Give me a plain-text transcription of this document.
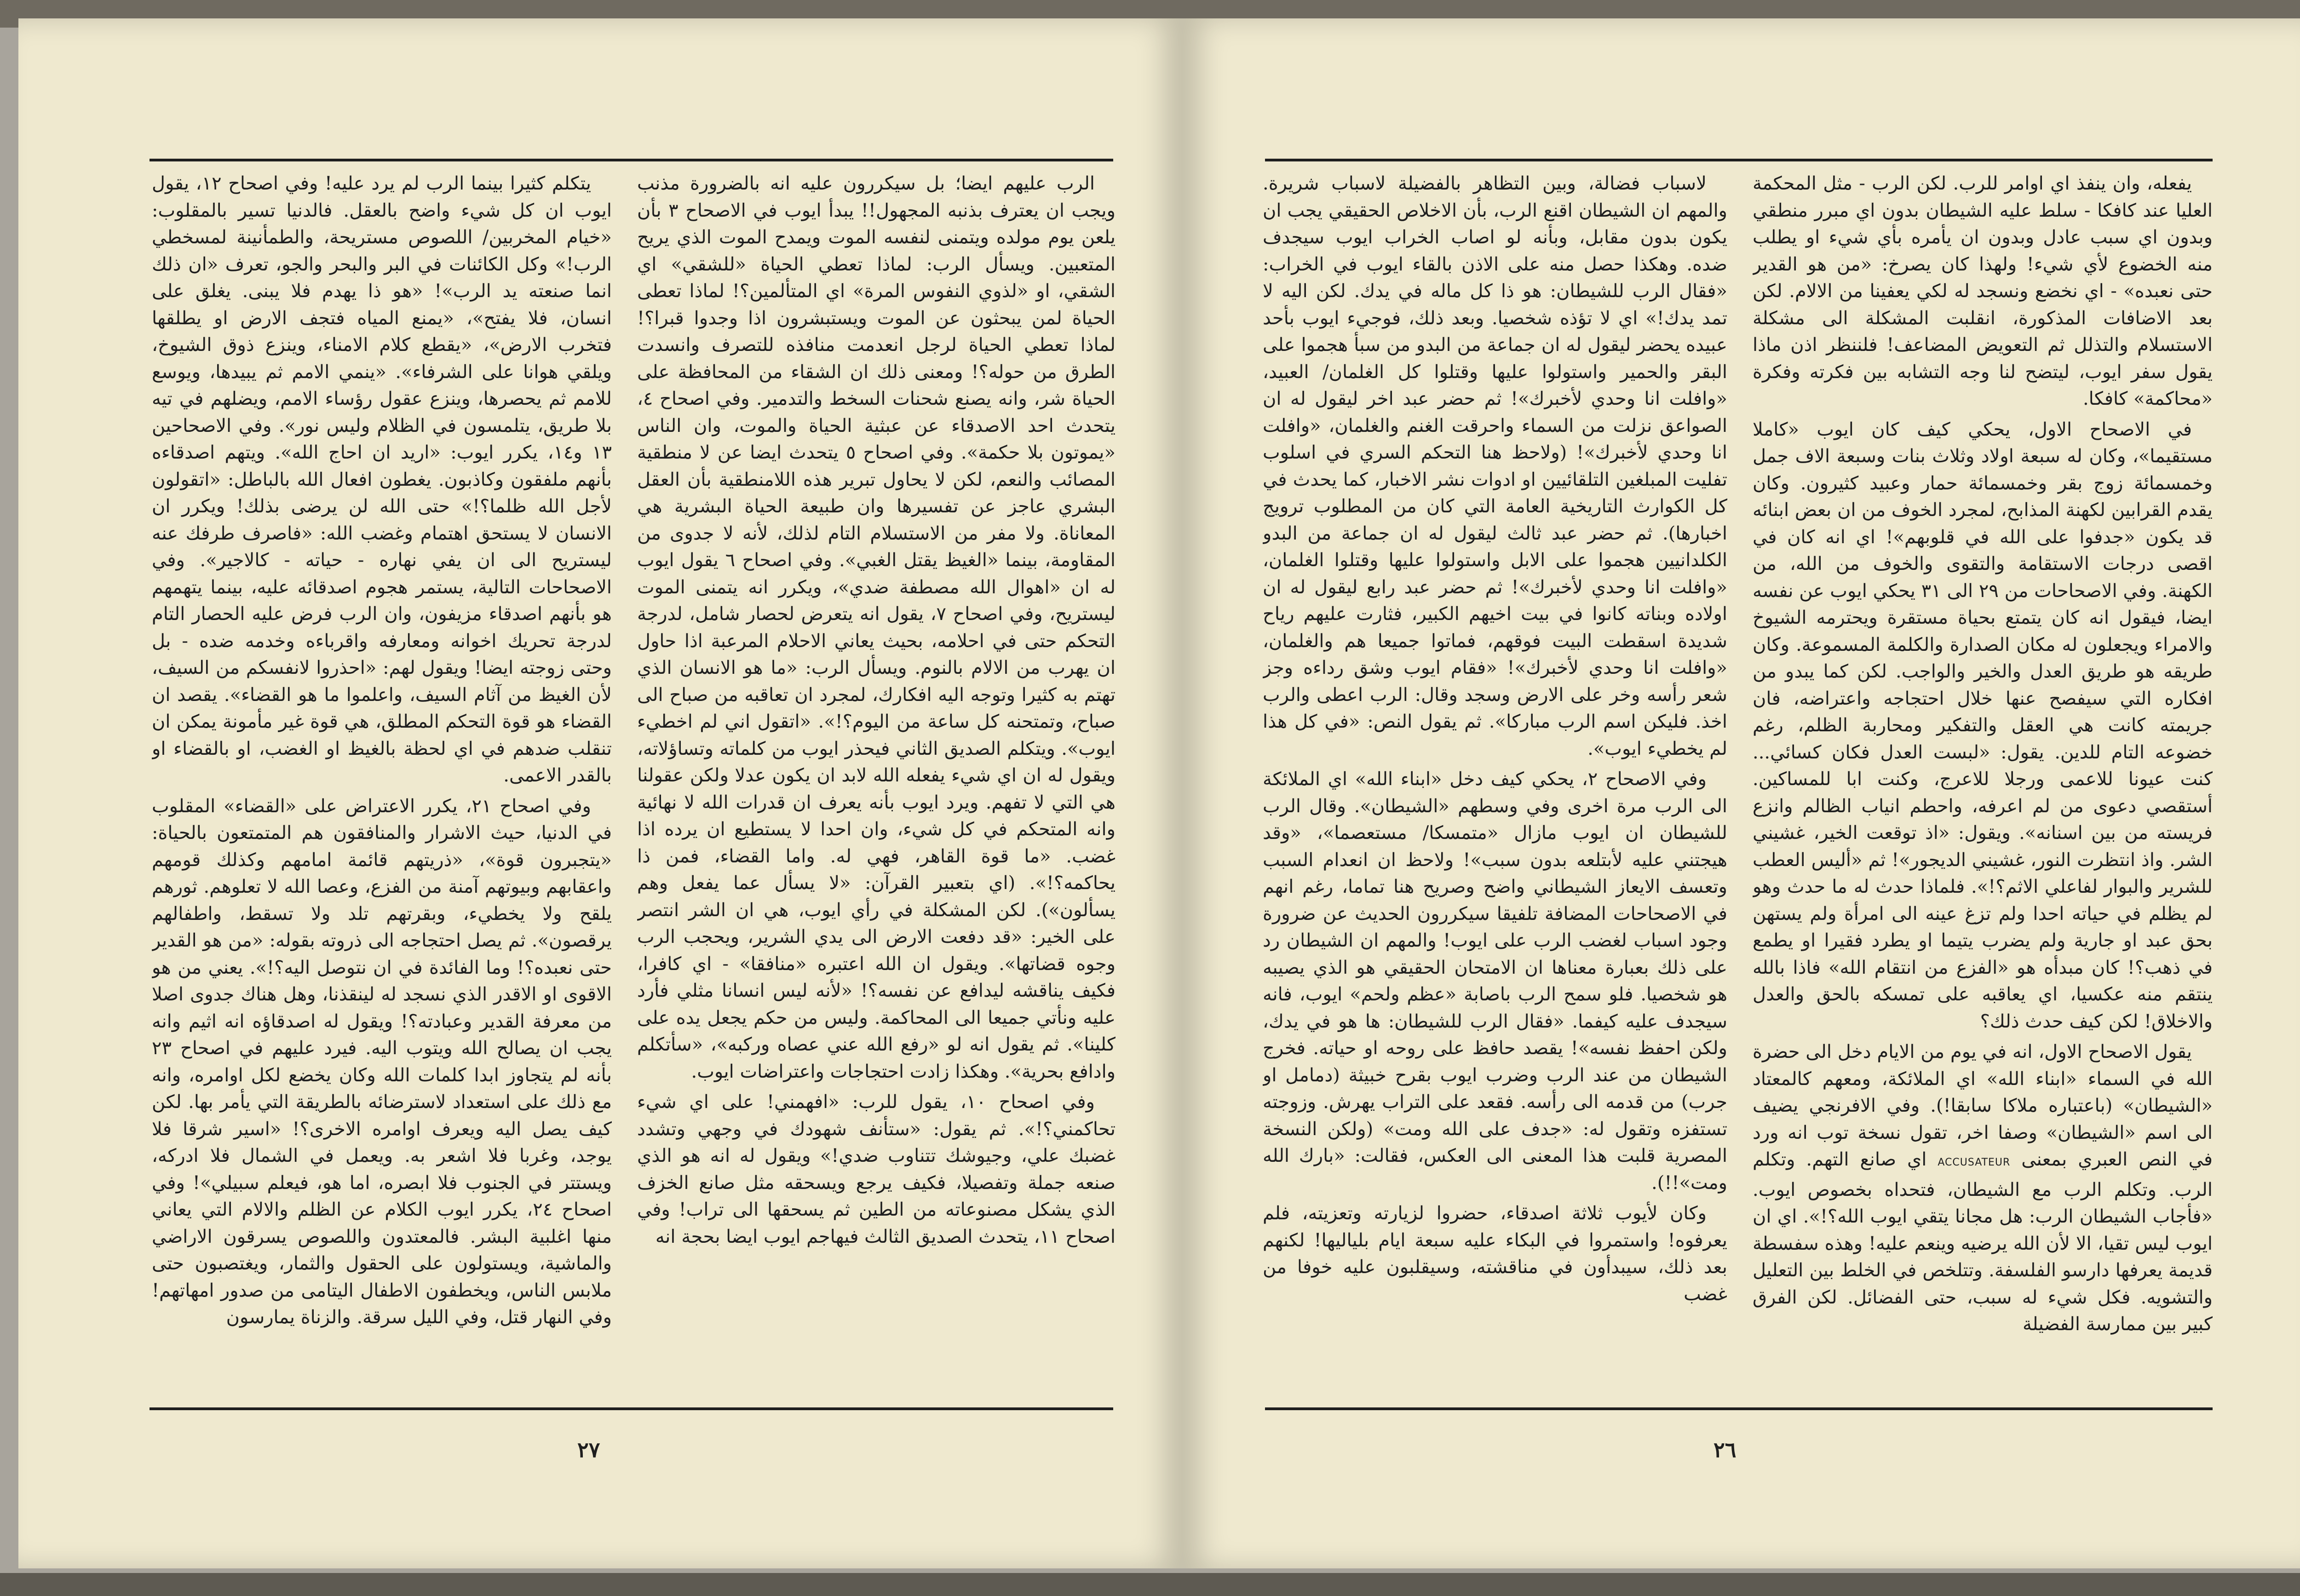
يتكلم كثيرا بينما الرب لم يرد عليه! وفي اصحاح ١٢، يقول ايوب ان كل شيء واضح بالعقل. فالدنيا تسير بالمقلوب: «خيام المخربين/ اللصوص مستريحة، والطمأنينة لمسخطي الرب!» وكل الكائنات في البر والبحر والجو، تعرف «ان ذلك انما صنعته يد الرب»! «هو ذا يهدم فلا يبنى. يغلق على انسان، فلا يفتح»، «يمنع المياه فتجف الارض او يطلقها فتخرب الارض»، «يقطع كلام الامناء، وينزع ذوق الشيوخ، ويلقي هوانا على الشرفاء». «ينمي الامم ثم يبيدها، ويوسع للامم ثم يحصرها، وينزع عقول رؤساء الامم، ويضلهم في تيه بلا طريق، يتلمسون في الظلام وليس نور». وفي الاصحاحين ١٣ و١٤، يكرر ايوب: «اريد ان احاج الله». ويتهم اصدقاءه بأنهم ملفقون وكاذبون. يغطون افعال الله بالباطل: «اتقولون لأجل الله ظلما؟!» حتى الله لن يرضى بذلك! ويكرر ان الانسان لا يستحق اهتمام وغضب الله: «فاصرف طرفك عنه ليستريح الى ان يفي نهاره - حياته - كالاجير». وفي الاصحاحات التالية، يستمر هجوم اصدقائه عليه، بينما يتهمهم هو بأنهم اصدقاء مزيفون، وان الرب فرض عليه الحصار التام لدرجة تحريك اخوانه ومعارفه واقرباءه وخدمه ضده - بل وحتى زوجته ايضا! ويقول لهم: «احذروا لانفسكم من السيف، لأن الغيظ من آثام السيف، واعلموا ما هو القضاء». يقصد ان القضاء هو قوة التحكم المطلق، هي قوة غير مأمونة يمكن ان تنقلب ضدهم في اي لحظة بالغيظ او الغضب، او بالقضاء او بالقدر الاعمى.

وفي اصحاح ٢١، يكرر الاعتراض على «القضاء» المقلوب في الدنيا، حيث الاشرار والمنافقون هم المتمتعون بالحياة: «يتجبرون قوة»، «ذريتهم قائمة امامهم وكذلك قومهم واعقابهم وبيوتهم آمنة من الفزع، وعصا الله لا تعلوهم. ثورهم يلقح ولا يخطيء، وبقرتهم تلد ولا تسقط، واطفالهم يرقصون». ثم يصل احتجاجه الى ذروته بقوله: «من هو القدير حتى نعبده؟! وما الفائدة في ان نتوصل اليه؟!». يعني من هو الاقوى او الاقدر الذي نسجد له لينقذنا، وهل هناك جدوى اصلا من معرفة القدير وعبادته؟! ويقول له اصدقاؤه انه اثيم وانه يجب ان يصالح الله ويتوب اليه. فيرد عليهم في اصحاح ٢٣ بأنه لم يتجاوز ابدا كلمات الله وكان يخضع لكل اوامره، وانه مع ذلك على استعداد لاسترضائه بالطريقة التي يأمر بها. لكن كيف يصل اليه ويعرف اوامره الاخرى؟! «اسير شرقا فلا يوجد، وغربا فلا اشعر به. ويعمل في الشمال فلا ادركه، ويستتر في الجنوب فلا ابصره، اما هو، فيعلم سبيلي»! وفي اصحاح ٢٤، يكرر ايوب الكلام عن الظلم والالام التي يعاني منها اغلبية البشر. فالمعتدون واللصوص يسرقون الاراضي والماشية، ويستولون على الحقول والثمار، ويغتصبون حتى ملابس الناس، ويخطفون الاطفال اليتامى من صدور امهاتهم! وفي النهار قتل، وفي الليل سرقة. والزناة يمارسون

الرب عليهم ايضا؛ بل سيكررون عليه انه بالضرورة مذنب ويجب ان يعترف بذنبه المجهول!! يبدأ ايوب في الاصحاح ٣ بأن يلعن يوم مولده ويتمنى لنفسه الموت ويمدح الموت الذي يريح المتعبين. ويسأل الرب: لماذا تعطي الحياة «للشقي» اي الشقي، او «لذوي النفوس المرة» اي المتألمين؟! لماذا تعطى الحياة لمن يبحثون عن الموت ويستبشرون اذا وجدوا قبرا؟! لماذا تعطي الحياة لرجل انعدمت منافذه للتصرف وانسدت الطرق من حوله؟! ومعنى ذلك ان الشقاء من المحافظة على الحياة شر، وانه يصنع شحنات السخط والتدمير. وفي اصحاح ٤، يتحدث احد الاصدقاء عن عبثية الحياة والموت، وان الناس «يموتون بلا حكمة». وفي اصحاح ٥ يتحدث ايضا عن لا منطقية المصائب والنعم، لكن لا يحاول تبرير هذه اللامنطقية بأن العقل البشري عاجز عن تفسيرها وان طبيعة الحياة البشرية هي المعاناة. ولا مفر من الاستسلام التام لذلك، لأنه لا جدوى من المقاومة، بينما «الغيظ يقتل الغبي». وفي اصحاح ٦ يقول ايوب له ان «اهوال الله مصطفة ضدي»، ويكرر انه يتمنى الموت ليستريح، وفي اصحاح ٧، يقول انه يتعرض لحصار شامل، لدرجة التحكم حتى في احلامه، بحيث يعاني الاحلام المرعبة اذا حاول ان يهرب من الالام بالنوم. ويسأل الرب: «ما هو الانسان الذي تهتم به كثيرا وتوجه اليه افكارك، لمجرد ان تعاقبه من صباح الى صباح، وتمتحنه كل ساعة من اليوم؟!». «اتقول اني لم اخطيء ايوب». ويتكلم الصديق الثاني فيحذر ايوب من كلماته وتساؤلاته، ويقول له ان اي شيء يفعله الله لابد ان يكون عدلا ولكن عقولنا هي التي لا تفهم. ويرد ايوب بأنه يعرف ان قدرات الله لا نهائية وانه المتحكم في كل شيء، وان احدا لا يستطيع ان يرده اذا غضب. «ما قوة القاهر، فهي له. واما القضاء، فمن ذا يحاكمه؟!». (اي بتعبير القرآن: «لا يسأل عما يفعل وهم يسألون»). لكن المشكلة في رأي ايوب، هي ان الشر انتصر على الخير: «قد دفعت الارض الى يدي الشرير، ويحجب الرب وجوه قضاتها». ويقول ان الله اعتبره «منافقا» - اي كافرا، فكيف يناقشه ليدافع عن نفسه؟! «لأنه ليس انسانا مثلي فأرد عليه ونأتي جميعا الى المحاكمة. وليس من حكم يجعل يده على كلينا». ثم يقول انه لو «رفع الله عني عصاه وركبه»، «سأتكلم وادافع بحرية». وهكذا زادت احتجاجات واعتراضات ايوب.

وفي اصحاح ١٠، يقول للرب: «افهمني! على اي شيء تحاكمني؟!». ثم يقول: «ستأنف شهودك في وجهي وتشدد غضبك علي، وجيوشك تتناوب ضدي!» ويقول له انه هو الذي صنعه جملة وتفصيلا، فكيف يرجع ويسحقه مثل صانع الخزف الذي يشكل مصنوعاته من الطين ثم يسحقها الى تراب! وفي اصحاح ١١، يتحدث الصديق الثالث فيهاجم ايوب ايضا بحجة انه

٢٧

لاسباب فضالة، وبين التظاهر بالفضيلة لاسباب شريرة. والمهم ان الشيطان اقنع الرب، بأن الاخلاص الحقيقي يجب ان يكون بدون مقابل، وبأنه لو اصاب الخراب ايوب سيجدف ضده. وهكذا حصل منه على الاذن بالقاء ايوب في الخراب: «فقال الرب للشيطان: هو ذا كل ماله في يدك. لكن اليه لا تمد يدك!» اي لا تؤذه شخصيا. وبعد ذلك، فوجيء ايوب بأحد عبيده يحضر ليقول له ان جماعة من البدو من سبأ هجموا على البقر والحمير واستولوا عليها وقتلوا كل الغلمان/ العبيد، «وافلت انا وحدي لأخبرك»! ثم حضر عبد اخر ليقول له ان الصواعق نزلت من السماء واحرقت الغنم والغلمان، «وافلت انا وحدي لأخبرك»! (ولاحظ هنا التحكم السري في اسلوب تفليت المبلغين التلقائيين او ادوات نشر الاخبار، كما يحدث في كل الكوارث التاريخية العامة التي كان من المطلوب ترويج اخبارها). ثم حضر عبد ثالث ليقول له ان جماعة من البدو الكلدانيين هجموا على الابل واستولوا عليها وقتلوا الغلمان، «وافلت انا وحدي لأخبرك»! ثم حضر عبد رابع ليقول له ان اولاده وبناته كانوا في بيت اخيهم الكبير، فثارت عليهم رياح شديدة اسقطت البيت فوقهم، فماتوا جميعا هم والغلمان، «وافلت انا وحدي لأخبرك»! «فقام ايوب وشق رداءه وجز شعر رأسه وخر على الارض وسجد وقال: الرب اعطى والرب اخذ. فليكن اسم الرب مباركا». ثم يقول النص: «في كل هذا لم يخطيء ايوب».

وفي الاصحاح ٢، يحكي كيف دخل «ابناء الله» اي الملائكة الى الرب مرة اخرى وفي وسطهم «الشيطان». وقال الرب للشيطان ان ايوب مازال «متمسكا/ مستعصما»، «وقد هيجتني عليه لأبتلعه بدون سبب»! ولاحظ ان انعدام السبب وتعسف الايعاز الشيطاني واضح وصريح هنا تماما، رغم انهم في الاصحاحات المضافة تلفيقا سيكررون الحديث عن ضرورة وجود اسباب لغضب الرب على ايوب! والمهم ان الشيطان رد على ذلك بعبارة معناها ان الامتحان الحقيقي هو الذي يصيبه هو شخصيا. فلو سمح الرب باصابة «عظم ولحم» ايوب، فانه سيجدف عليه كيفما. «فقال الرب للشيطان: ها هو في يدك، ولكن احفظ نفسه»! يقصد حافظ على روحه او حياته. فخرج الشيطان من عند الرب وضرب ايوب بقرح خبيثة (دمامل او جرب) من قدمه الى رأسه. فقعد على التراب يهرش. وزوجته تستفزه وتقول له: «جدف على الله ومت» (ولكن النسخة المصرية قلبت هذا المعنى الى العكس، فقالت: «بارك الله ومت»!!).

وكان لأيوب ثلاثة اصدقاء، حضروا لزيارته وتعزيته، فلم يعرفوه! واستمروا في البكاء عليه سبعة ايام بلياليها! لكنهم بعد ذلك، سيبدأون في مناقشته، وسيقلبون عليه خوفا من غضب

يفعله، وان ينفذ اي اوامر للرب. لكن الرب - مثل المحكمة العليا عند كافكا - سلط عليه الشيطان بدون اي مبرر منطقي وبدون اي سبب عادل وبدون ان يأمره بأي شيء او يطلب منه الخضوع لأي شيء! ولهذا كان يصرخ: «من هو القدير حتى نعبده» - اي نخضع ونسجد له لكي يعفينا من الالام. لكن بعد الاضافات المذكورة، انقلبت المشكلة الى مشكلة الاستسلام والتذلل ثم التعويض المضاعف! فلننظر اذن ماذا يقول سفر ايوب، ليتضح لنا وجه التشابه بين فكرته وفكرة «محاكمة» كافكا.

في الاصحاح الاول، يحكي كيف كان ايوب «كاملا مستقيما»، وكان له سبعة اولاد وثلاث بنات وسبعة الاف جمل وخمسمائة زوج بقر وخمسمائة حمار وعبيد كثيرون. وكان يقدم القرابين لكهنة المذابح، لمجرد الخوف من ان بعض ابنائه قد يكون «جدفوا على الله في قلوبهم»! اي انه كان في اقصى درجات الاستقامة والتقوى والخوف من الله، من الكهنة. وفي الاصحاحات من ٢٩ الى ٣١ يحكي ايوب عن نفسه ايضا، فيقول انه كان يتمتع بحياة مستقرة ويحترمه الشيوخ والامراء ويجعلون له مكان الصدارة والكلمة المسموعة. وكان طريقه هو طريق العدل والخير والواجب. لكن كما يبدو من افكاره التي سيفصح عنها خلال احتجاجه واعتراضه، فان جريمته كانت هي العقل والتفكير ومحاربة الظلم، رغم خضوعه التام للدين. يقول: «لبست العدل فكان كسائي... كنت عيونا للاعمى ورجلا للاعرج، وكنت ابا للمساكين. أستقصي دعوى من لم اعرفه، واحطم انياب الظالم وانزع فريسته من بين اسنانه». ويقول: «اذ توقعت الخير، غشيني الشر. واذ انتظرت النور، غشيني الديجور»! ثم «أليس العطب للشرير والبوار لفاعلي الاثم؟!». فلماذا حدث له ما حدث وهو لم يظلم في حياته احدا ولم تزغ عينه الى امرأة ولم يستهن بحق عبد او جارية ولم يضرب يتيما او يطرد فقيرا او يطمع في ذهب؟! كان مبدأه هو «الفزع من انتقام الله» فاذا بالله ينتقم منه عكسيا، اي يعاقبه على تمسكه بالحق والعدل والاخلاق! لكن كيف حدث ذلك؟

يقول الاصحاح الاول، انه في يوم من الايام دخل الى حضرة الله في السماء «ابناء الله» اي الملائكة، ومعهم كالمعتاد «الشيطان» (باعتباره ملاكا سابقا!). وفي الافرنجي يضيف الى اسم «الشيطان» وصفا اخر، تقول نسخة توب انه ورد في النص العبري بمعنى ACCUSATEUR اي صانع التهم. وتكلم الرب. وتكلم الرب مع الشيطان، فتحداه بخصوص ايوب. «فأجاب الشيطان الرب: هل مجانا يتقي ايوب الله؟!». اي ان ايوب ليس تقيا، الا لأن الله يرضيه وينعم عليه! وهذه سفسطة قديمة يعرفها دارسو الفلسفة. وتتلخص في الخلط بين التعليل والتشويه. فكل شيء له سبب، حتى الفضائل. لكن الفرق كبير بين ممارسة الفضيلة

٢٦
